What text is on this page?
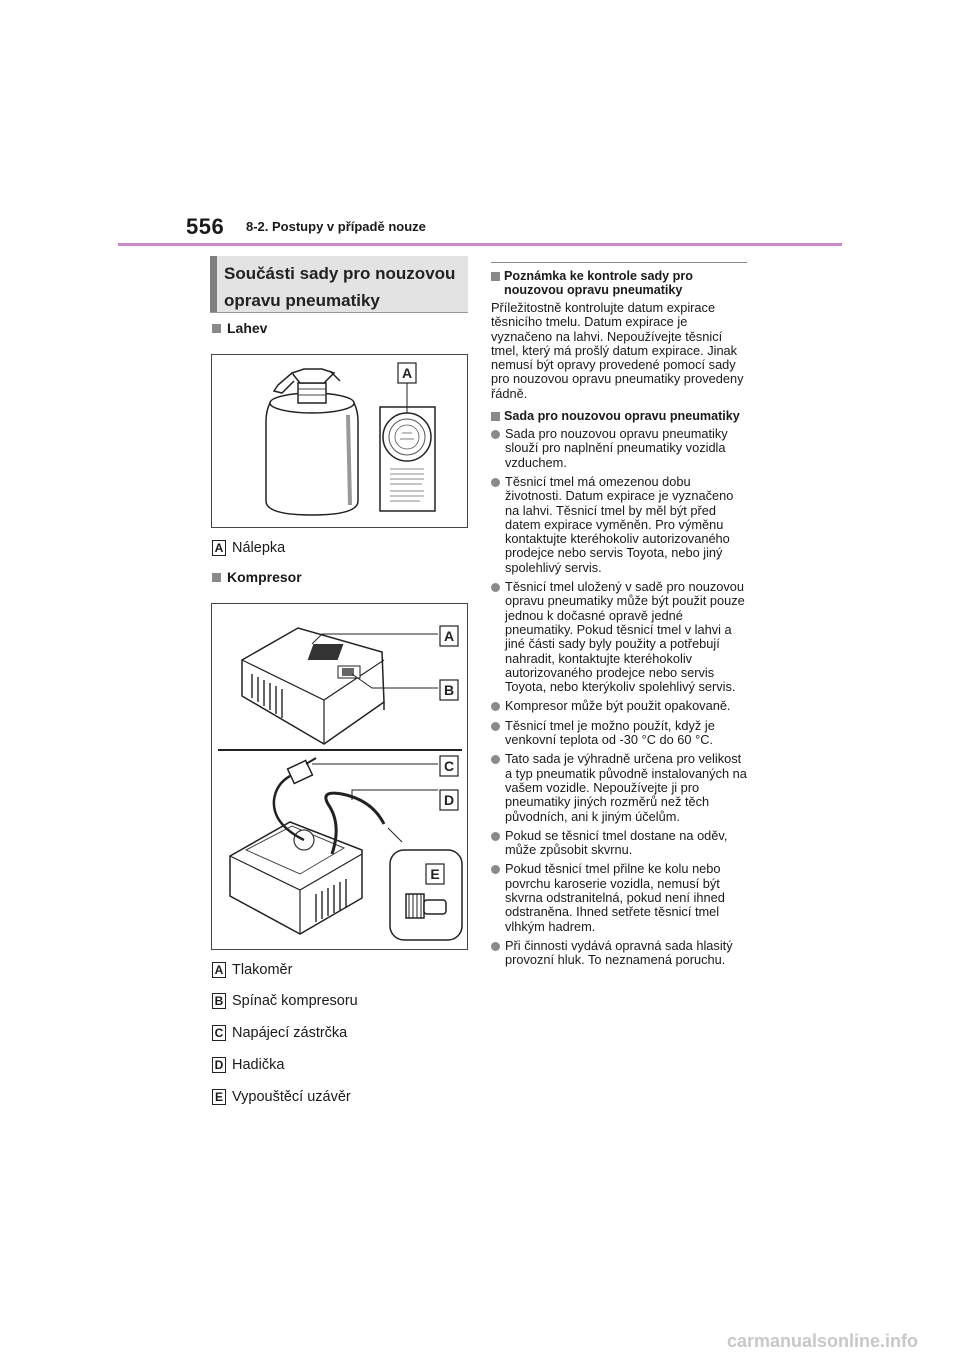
556 8-2. Postupy v případě nouze
Součásti sady pro nouzovou
opravu pneumatiky
Lahev
A
A Nálepka
Kompresor
A
B
C
D
E
A Tlakoměr
B Spínač kompresoru
C Napájecí zástrčka
D Hadička
E Vypouštěcí uzávěr
Poznámka ke kontrole sady pro nouzovou opravu pneumatiky
Příležitostně kontrolujte datum expirace těsnicího tmelu. Datum expirace je vyznačeno na lahvi. Nepoužívejte těsnicí tmel, který má prošlý datum expirace. Jinak nemusí být opravy provedené pomocí sady pro nouzovou opravu pneumatiky provedeny řádně.
Sada pro nouzovou opravu pneumatiky
Sada pro nouzovou opravu pneumatiky slouží pro naplnění pneumatiky vozidla vzduchem.
Těsnicí tmel má omezenou dobu životnosti. Datum expirace je vyznačeno na lahvi. Těsnicí tmel by měl být před datem expirace vyměněn. Pro výměnu kontaktujte kteréhokoliv autorizovaného prodejce nebo servis Toyota, nebo jiný spolehlivý servis.
Těsnicí tmel uložený v sadě pro nouzovou opravu pneumatiky může být použit pouze jednou k dočasné opravě jedné pneumatiky. Pokud těsnicí tmel v lahvi a jiné části sady byly použity a potřebují nahradit, kontaktujte kteréhokoliv autorizovaného prodejce nebo servis Toyota, nebo kterýkoliv spolehlivý servis.
Kompresor může být použit opakovaně.
Těsnicí tmel je možno použít, když je venkovní teplota od -30 °C do 60 °C.
Tato sada je výhradně určena pro velikost a typ pneumatik původně instalovaných na vašem vozidle. Nepoužívejte ji pro pneumatiky jiných rozměrů než těch původních, ani k jiným účelům.
Pokud se těsnicí tmel dostane na oděv, může způsobit skvrnu.
Pokud těsnicí tmel přilne ke kolu nebo povrchu karoserie vozidla, nemusí být skvrna odstranitelná, pokud není ihned odstraněna. Ihned setřete těsnicí tmel vlhkým hadrem.
Při činnosti vydává opravná sada hlasitý provozní hluk. To neznamená poruchu.
carmanualsonline.info
